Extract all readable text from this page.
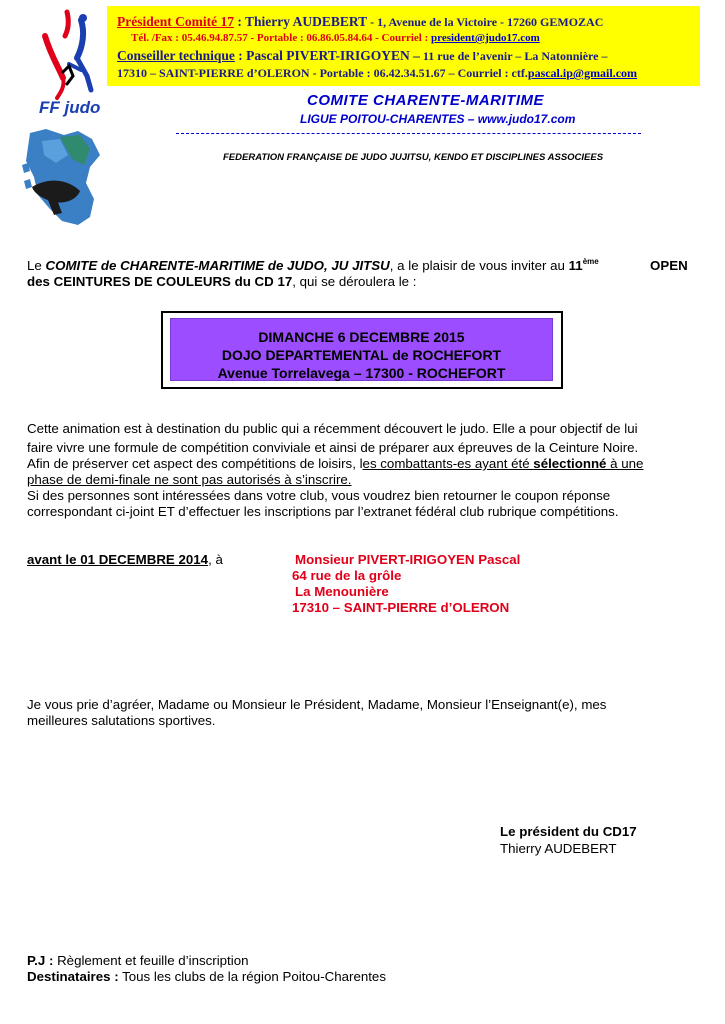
Président Comité 17 : Thierry AUDEBERT - 1, Avenue de la Victoire - 17260 GEMOZAC
Tél. /Fax : 05.46.94.87.57 - Portable : 06.86.05.84.64 - Courriel : president@judo17.com
Conseiller technique : Pascal PIVERT-IRIGOYEN – 11 rue de l’avenir – La Natonnière –
17310 – SAINT-PIERRE d’OLERON - Portable : 06.42.34.51.67 – Courriel : ctf.pascal.ip@gmail.com
FF judo	COMITE CHARENTE-MARITIME
LIGUE POITOU-CHARENTES – www.judo17.com
FEDERATION FRANÇAISE DE JUDO JUJITSU, KENDO ET DISCIPLINES ASSOCIEES
Le COMITE de CHARENTE-MARITIME de JUDO, JU JITSU, a le plaisir de vous inviter au 11ème	OPEN
des CEINTURES DE COULEURS du CD 17, qui se déroulera le :
DIMANCHE 6 DECEMBRE 2015
DOJO DEPARTEMENTAL de ROCHEFORT
Avenue Torrelavega – 17300 - ROCHEFORT
Cette animation est à destination du public qui a récemment découvert le judo. Elle a pour objectif de lui
faire vivre une formule de compétition conviviale et ainsi de préparer aux épreuves de la Ceinture Noire.
Afin de préserver cet aspect des compétitions de loisirs, les combattants-es ayant été sélectionné à une
phase de demi-finale ne sont pas autorisés à s’inscrire.
Si des personnes sont intéressées dans votre club, vous voudrez bien retourner le coupon réponse
correspondant ci-joint ET d’effectuer les inscriptions par l’extranet fédéral club rubrique compétitions.
avant le 01 DECEMBRE 2014, à	Monsieur PIVERT-IRIGOYEN Pascal
64 rue de la grôle
La Menounière
17310 – SAINT-PIERRE d’OLERON
Je vous prie d’agréer, Madame ou Monsieur le Président, Madame, Monsieur l’Enseignant(e), mes
meilleures salutations sportives.
Le président du CD17
Thierry AUDEBERT
P.J : Règlement et feuille d’inscription
Destinataires : Tous les clubs de la région Poitou-Charentes
